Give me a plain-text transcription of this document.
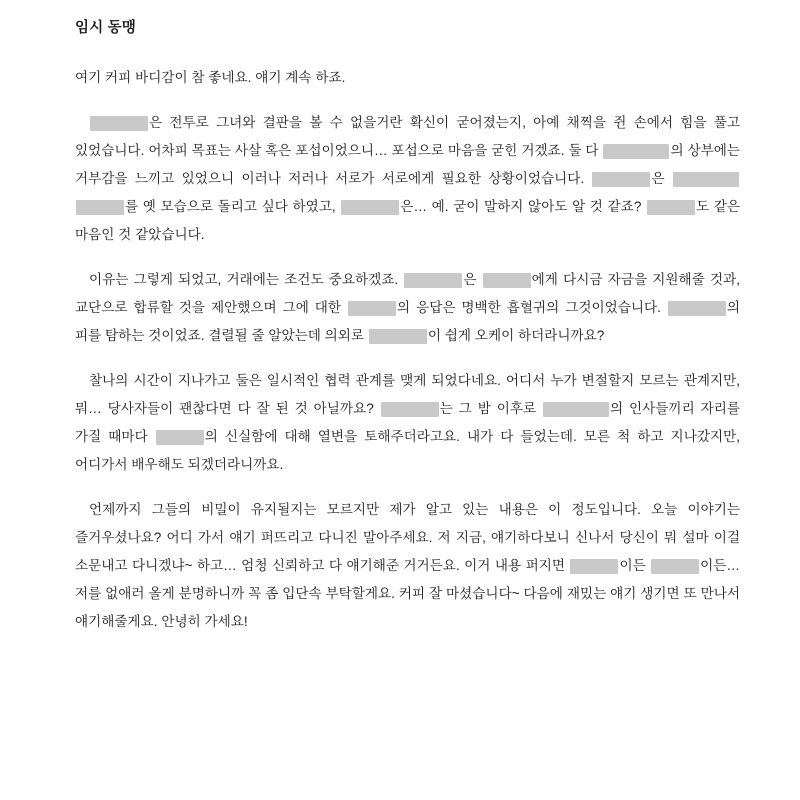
임시 동맹

여기 커피 바디감이 참 좋네요. 얘기 계속 하죠.

은 전투로 그녀와 결판을 볼 수 없을거란 확신이 굳어졌는지, 아예 채찍을 쥔 손에서 힘을 풀고 있었습니다. 어차피 목표는 사살 혹은 포섭이었으니… 포섭으로 마음을 굳힌 거겠죠. 둘 다	의 상부에는 거부감을 느끼고 있었으니 이러나 저러나 서로가 서로에게 필요한 상황이었습니다.	은 를 옛 모습으로 돌리고 싶다 하였고,	은… 예. 굳이 말하지 않아도 알 것 같죠?	도 같은 마음인 것 같았습니다.

이유는 그렇게 되었고, 거래에는 조건도 중요하겠죠.	은	에게 다시금 자금을 지원해줄 것과, 교단으로 합류할 것을 제안했으며 그에 대한	의 응답은 명백한 흡혈귀의 그것이었습니다.	의 피를 탐하는 것이었죠. 결렬될 줄 알았는데 의외로	이 쉽게 오케이 하더라니까요?

찰나의 시간이 지나가고 둘은 일시적인 협력 관계를 맺게 되었다네요. 어디서 누가 변절할지 모르는 관계지만, 뭐… 당사자들이 괜찮다면 다 잘 된 것 아닐까요?	는 그 밤 이후로	의 인사들끼리 자리를 가질 때마다	의 신실함에 대해 열변을 토해주더라고요. 내가 다 들었는데. 모른 척 하고 지나갔지만, 어디가서 배우해도 되겠더라니까요.

언제까지 그들의 비밀이 유지될지는 모르지만 제가 알고 있는 내용은 이 정도입니다. 오늘 이야기는 즐거우셨나요? 어디 가서 얘기 퍼뜨리고 다니진 말아주세요. 저 지금, 얘기하다보니 신나서 당신이 뭐 설마 이걸 소문내고 다니겠냐~ 하고… 엄청 신뢰하고 다 얘기해준 거거든요. 이거 내용 퍼지면	이든	이든… 저를 없애러 올게 분명하니까 꼭 좀 입단속 부탁할게요. 커피 잘 마셨습니다~ 다음에 재밌는 얘기 생기면 또 만나서 얘기해줄게요. 안녕히 가세요!
